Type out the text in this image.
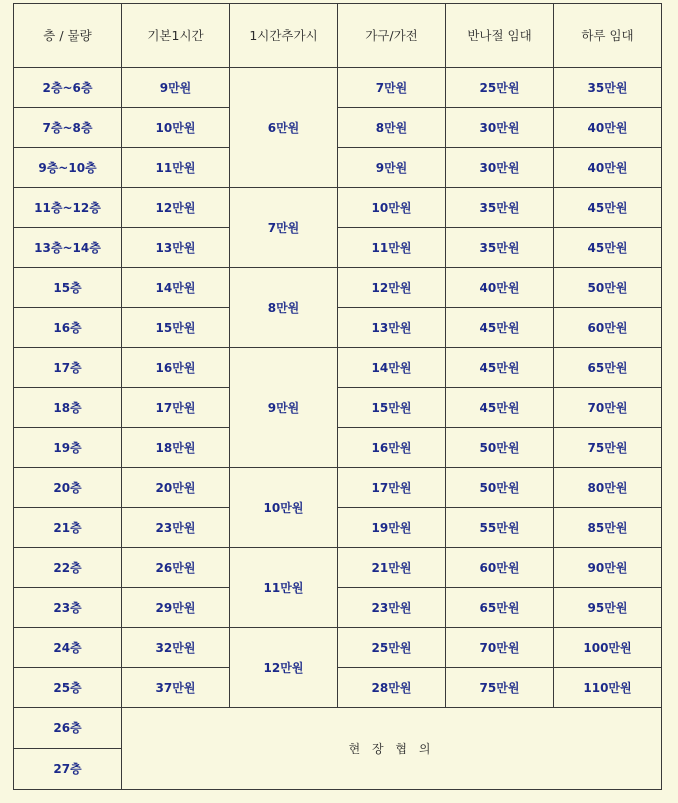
층 / 물량	기본1시간	1시간추가시	가구/가전	반나절 임대	하루 임대
2층~6층	9만원	6만원	7만원	25만원	35만원
7층~8층	10만원		8만원	30만원	40만원
9층~10층	11만원		9만원	30만원	40만원
11층~12층	12만원	7만원	10만원	35만원	45만원
13층~14층	13만원		11만원	35만원	45만원
15층	14만원	8만원	12만원	40만원	50만원
16층	15만원		13만원	45만원	60만원
17층	16만원	9만원	14만원	45만원	65만원
18층	17만원		15만원	45만원	70만원
19층	18만원		16만원	50만원	75만원
20층	20만원	10만원	17만원	50만원	80만원
21층	23만원		19만원	55만원	85만원
22층	26만원	11만원	21만원	60만원	90만원
23층	29만원		23만원	65만원	95만원
24층	32만원	12만원	25만원	70만원	100만원
25층	37만원		28만원	75만원	110만원
26층	현 장 협 의				
27층					
